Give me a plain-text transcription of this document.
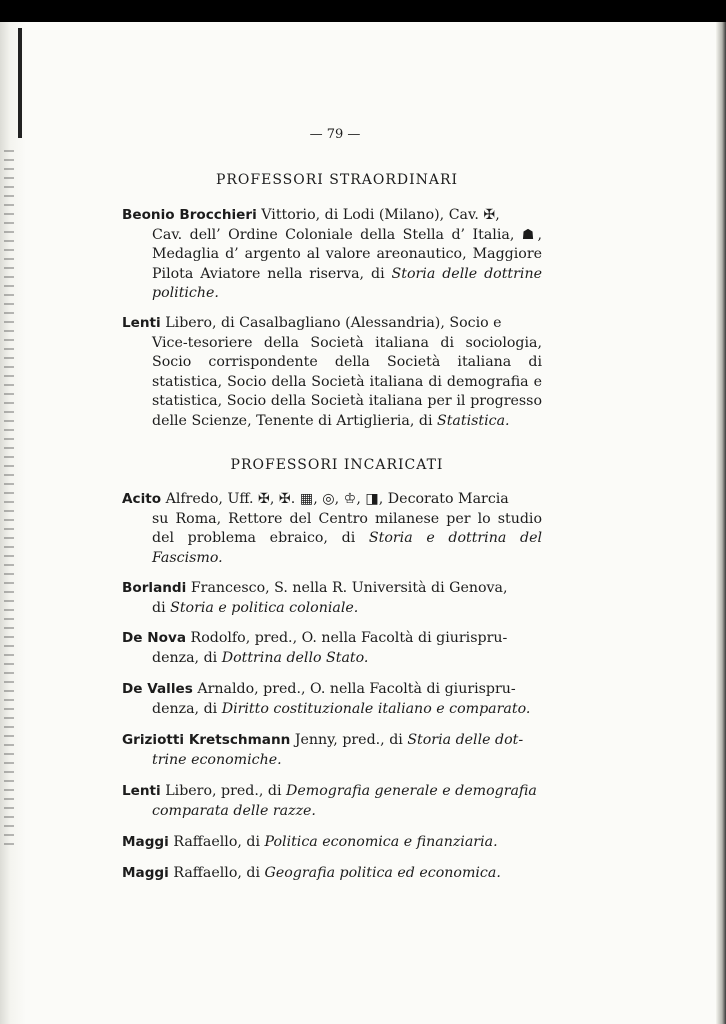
— 79 —
PROFESSORI STRAORDINARI
Beonio Brocchieri Vittorio, di Lodi (Milano), Cav. ✠,
Cav. dell’ Ordine Coloniale della Stella d’ Italia, ☗, Medaglia d’ argento al valore areonautico, Maggiore Pilota Aviatore nella riserva, di Storia delle dottrine politiche.
Lenti Libero, di Casalbagliano (Alessandria), Socio e
Vice-tesoriere della Società italiana di sociologia, Socio corrispondente della Società italiana di statistica, Socio della Società italiana di demografia e statistica, Socio della Società italiana per il progresso delle Scienze, Tenente di Artiglieria, di Statistica.
PROFESSORI INCARICATI
Acito Alfredo, Uff. ✠, ✠. ▦, ◎, ♔, ◨, Decorato Marcia
su Roma, Rettore del Centro milanese per lo studio del problema ebraico, di Storia e dottrina del Fascismo.
Borlandi Francesco, S. nella R. Università di Genova,
di Storia e politica coloniale.
De Nova Rodolfo, pred., O. nella Facoltà di giurispru-
denza, di Dottrina dello Stato.
De Valles Arnaldo, pred., O. nella Facoltà di giurispru-
denza, di Diritto costituzionale italiano e comparato.
Griziotti Kretschmann Jenny, pred., di Storia delle dot-
trine economiche.
Lenti Libero, pred., di Demografia generale e demografia
comparata delle razze.
Maggi Raffaello, di Politica economica e finanziaria.
Maggi Raffaello, di Geografia politica ed economica.
